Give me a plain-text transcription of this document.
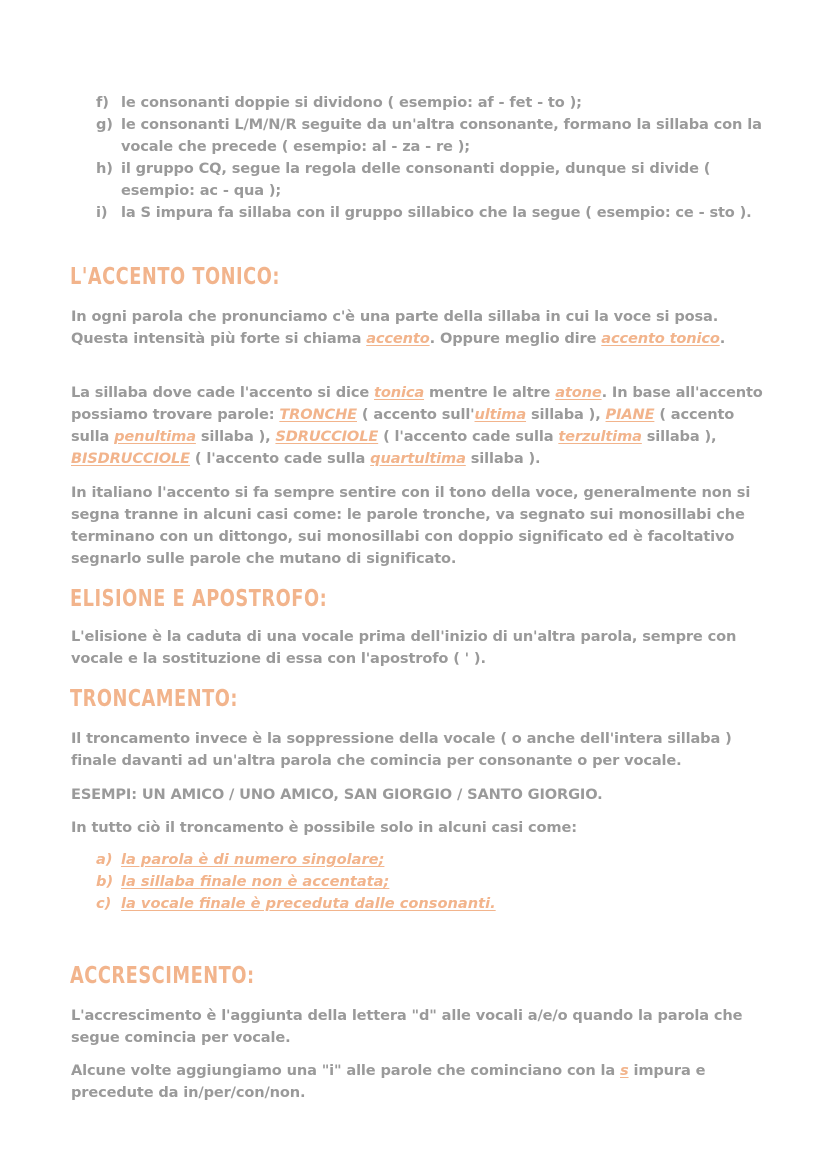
f) le consonanti doppie si dividono ( esempio: af - fet - to );
g) le consonanti L/M/N/R seguite da un'altra consonante, formano la sillaba con la vocale che precede ( esempio: al - za - re );
h) il gruppo CQ, segue la regola delle consonanti doppie, dunque si divide ( esempio: ac - qua );
i) la S impura fa sillaba con il gruppo sillabico che la segue ( esempio: ce - sto ).
L'ACCENTO TONICO:
In ogni parola che pronunciamo c'è una parte della sillaba in cui la voce si posa. Questa intensità più forte si chiama accento. Oppure meglio dire accento tonico.
La sillaba dove cade l'accento si dice tonica mentre le altre atone. In base all'accento possiamo trovare parole: TRONCHE ( accento sull'ultima sillaba ), PIANE ( accento sulla penultima sillaba ), SDRUCCIOLE ( l'accento cade sulla terzultima sillaba ), BISDRUCCIOLE ( l'accento cade sulla quartultima sillaba ).
In italiano l'accento si fa sempre sentire con il tono della voce, generalmente non si segna tranne in alcuni casi come: le parole tronche, va segnato sui monosillabi che terminano con un dittongo, sui monosillabi con doppio significato ed è facoltativo segnarlo sulle parole che mutano di significato.
ELISIONE E APOSTROFO:
L'elisione è la caduta di una vocale prima dell'inizio di un'altra parola, sempre con vocale e la sostituzione di essa con l'apostrofo ( ' ).
TRONCAMENTO:
Il troncamento invece è la soppressione della vocale ( o anche dell'intera sillaba ) finale davanti ad un'altra parola che comincia per consonante o per vocale.
ESEMPI: UN AMICO / UNO AMICO, SAN GIORGIO / SANTO GIORGIO.
In tutto ciò il troncamento è possibile solo in alcuni casi come:
a) la parola è di numero singolare;
b) la sillaba finale non è accentata;
c) la vocale finale è preceduta dalle consonanti.
ACCRESCIMENTO:
L'accrescimento è l'aggiunta della lettera "d" alle vocali a/e/o quando la parola che segue comincia per vocale.
Alcune volte aggiungiamo una "i" alle parole che cominciano con la s impura e precedute da in/per/con/non.
